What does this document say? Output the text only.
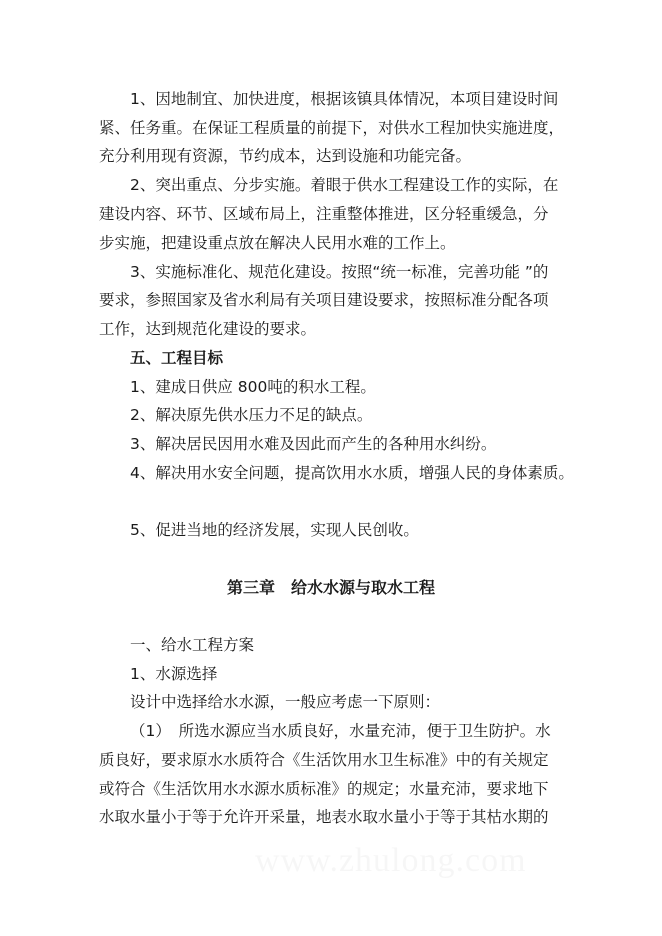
1、因地制宜、加快进度，根据该镇具体情况，本项目建设时间
紧、任务重。在保证工程质量的前提下，对供水工程加快实施进度，
充分利用现有资源，节约成本，达到设施和功能完备。
2、突出重点、分步实施。着眼于供水工程建设工作的实际，在
建设内容、环节、区域布局上，注重整体推进，区分轻重缓急，分
步实施，把建设重点放在解决人民用水难的工作上。
3、实施标准化、规范化建设。按照“统一标准，完善功能 ”的
要求，参照国家及省水利局有关项目建设要求，按照标准分配各项
工作，达到规范化建设的要求。
五、工程目标
1、建成日供应 800吨的积水工程。
2、解决原先供水压力不足的缺点。
3、解决居民因用水难及因此而产生的各种用水纠纷。
4、解决用水安全问题，提高饮用水水质，增强人民的身体素质。
5、促进当地的经济发展，实现人民创收。
第三章　给水水源与取水工程
一、给水工程方案
1、水源选择
设计中选择给水水源，一般应考虑一下原则：
（1）　所选水源应当水质良好，水量充沛，便于卫生防护。水
质良好，要求原水水质符合《生活饮用水卫生标准》中的有关规定
或符合《生活饮用水水源水质标准》的规定；水量充沛，要求地下
水取水量小于等于允许开采量，地表水取水量小于等于其枯水期的
